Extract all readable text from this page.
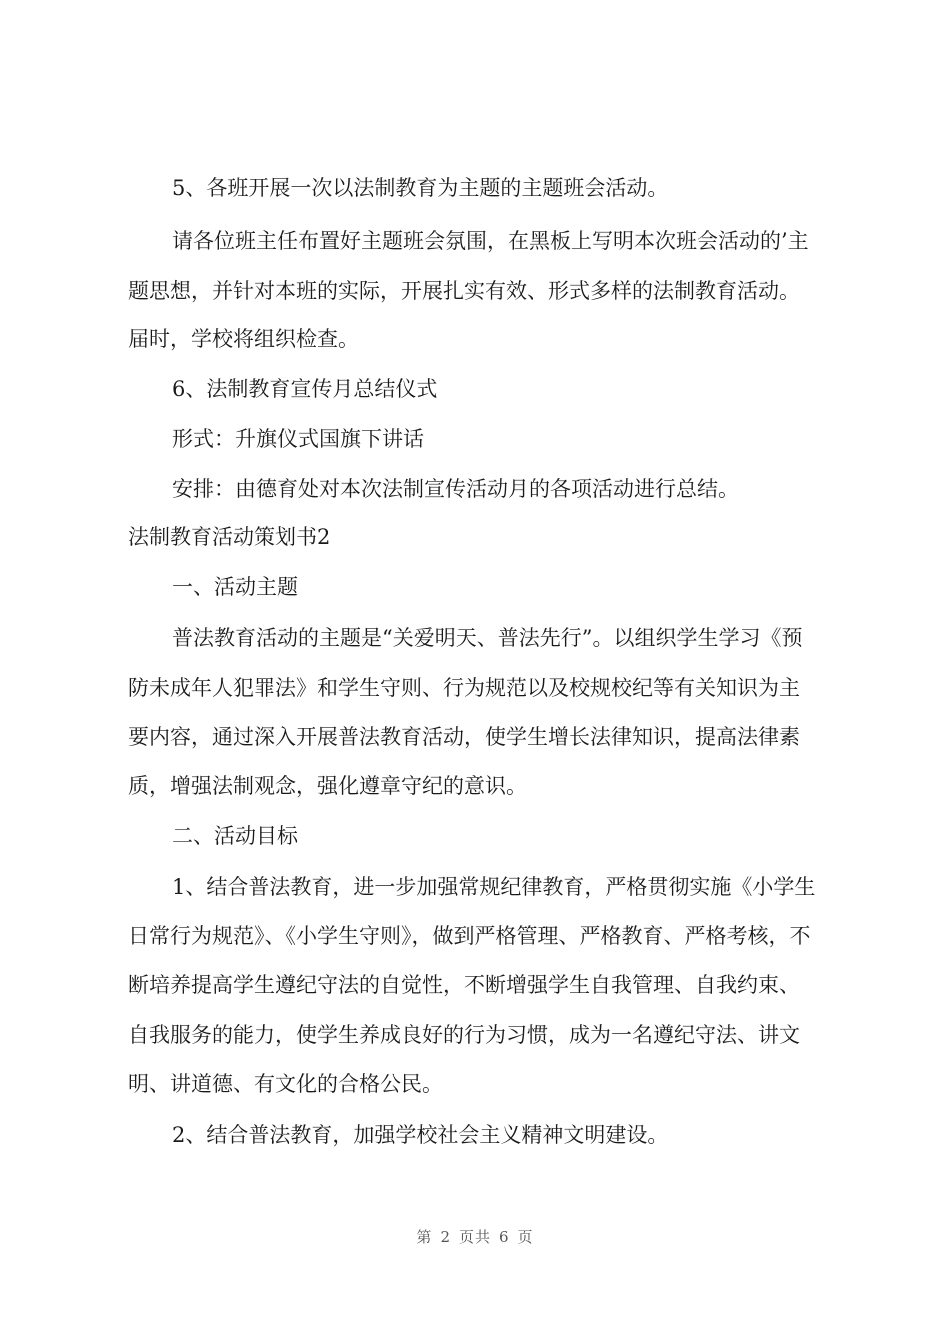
5、各班开展一次以法制教育为主题的主题班会活动。
请各位班主任布置好主题班会氛围，在黑板上写明本次班会活动的’主
题思想，并针对本班的实际，开展扎实有效、形式多样的法制教育活动。
届时，学校将组织检查。
6、法制教育宣传月总结仪式
形式：升旗仪式国旗下讲话
安排：由德育处对本次法制宣传活动月的各项活动进行总结。
法制教育活动策划书2
一、活动主题
普法教育活动的主题是“关爱明天、普法先行”。以组织学生学习《预
防未成年人犯罪法》和学生守则、行为规范以及校规校纪等有关知识为主
要内容，通过深入开展普法教育活动，使学生增长法律知识，提高法律素
质，增强法制观念，强化遵章守纪的意识。
二、活动目标
1、结合普法教育，进一步加强常规纪律教育，严格贯彻实施《小学生
日常行为规范》、《小学生守则》，做到严格管理、严格教育、严格考核，不
断培养提高学生遵纪守法的自觉性，不断增强学生自我管理、自我约束、
自我服务的能力，使学生养成良好的行为习惯，成为一名遵纪守法、讲文
明、讲道德、有文化的合格公民。
2、结合普法教育，加强学校社会主义精神文明建设。
第 2 页共 6 页
